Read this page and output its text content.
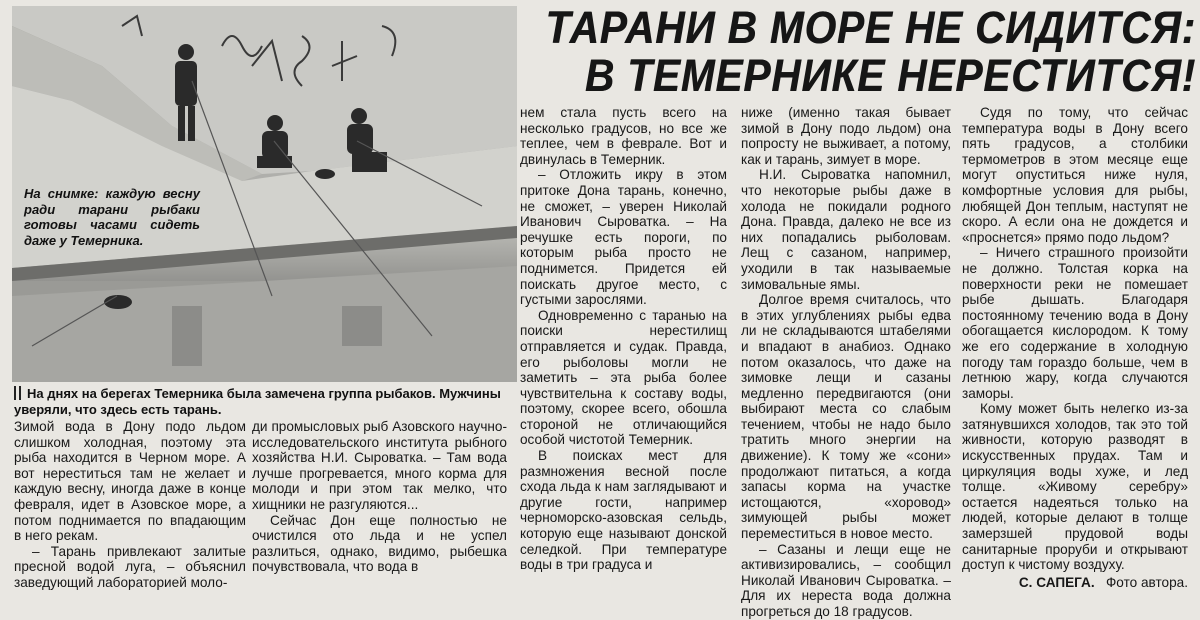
ТАРАНИ В МОРЕ НЕ СИДИТСЯ:
В ТЕМЕРНИКЕ НЕРЕСТИТСЯ!
На снимке: каждую весну ради тарани рыбаки готовы часами сидеть даже у Темерника.
На днях на берегах Темерника была замечена группа рыбаков. Мужчины уверяли, что здесь есть тарань.

Зимой вода в Дону подо льдом слишком холодная, поэтому эта рыба находится в Черном море. А вот нереститься там не желает и каждую весну, иногда даже в конце февраля, идет в Азовское море, а потом поднимается по впадающим в него рекам.

– Тарань привлекают залитые пресной водой луга, – объяснил заведующий лабораторией моло-

ди промысловых рыб Азовского научно-исследовательского института рыбного хозяйства Н.И. Сыроватка. – Там вода лучше прогревается, много корма для молоди и при этом так мелко, что хищники не разгуляются...

Сейчас Дон еще полностью не очистился ото льда и не успел разлиться, однако, видимо, рыбешка почувствовала, что вода в

нем стала пусть всего на несколько градусов, но все же теплее, чем в феврале. Вот и двинулась в Темерник.

– Отложить икру в этом притоке Дона тарань, конечно, не сможет, – уверен Николай Иванович Сыроватка. – На речушке есть пороги, по которым рыба просто не поднимется. Придется ей поискать другое место, с густыми зарослями.

Одновременно с таранью на поиски нерестилищ отправляется и судак. Правда, его рыболовы могли не заметить – эта рыба более чувствительна к составу воды, поэтому, скорее всего, обошла стороной не отличающийся особой чистотой Темерник.

В поисках мест для размножения весной после схода льда к нам заглядывают и другие гости, например черноморско-азовская сельдь, которую еще называют донской селедкой. При температуре воды в три градуса и

ниже (именно такая бывает зимой в Дону подо льдом) она попросту не выживает, а потому, как и тарань, зимует в море.

Н.И. Сыроватка напомнил, что некоторые рыбы даже в холода не покидали родного Дона. Правда, далеко не все из них попадались рыболовам. Лещ с сазаном, например, уходили в так называемые зимовальные ямы.

Долгое время считалось, что в этих углублениях рыбы едва ли не складываются штабелями и впадают в анабиоз. Однако потом оказалось, что даже на зимовке лещи и сазаны медленно передвигаются (они выбирают места со слабым течением, чтобы не надо было тратить много энергии на движение). К тому же «сони» продолжают питаться, а когда запасы корма на участке истощаются, «хоровод» зимующей рыбы может переместиться в новое место.

– Сазаны и лещи еще не активизировались, – сообщил Николай Иванович Сыроватка. – Для их нереста вода должна прогреться до 18 градусов.

Судя по тому, что сейчас температура воды в Дону всего пять градусов, а столбики термометров в этом месяце еще могут опуститься ниже нуля, комфортные условия для рыбы, любящей Дон теплым, наступят не скоро. А если она не дождется и «проснется» прямо подо льдом?

– Ничего страшного произойти не должно. Толстая корка на поверхности реки не помешает рыбе дышать. Благодаря постоянному течению вода в Дону обогащается кислородом. К тому же его содержание в холодную погоду там гораздо больше, чем в летнюю жару, когда случаются заморы.

Кому может быть нелегко из-за затянувшихся холодов, так это той живности, которую разводят в искусственных прудах. Там и циркуляция воды хуже, и лед толще. «Живому серебру» остается надеяться только на людей, которые делают в толще замерзшей прудовой воды санитарные проруби и открывают доступ к чистому воздуху.

С. САПЕГА. Фото автора.
